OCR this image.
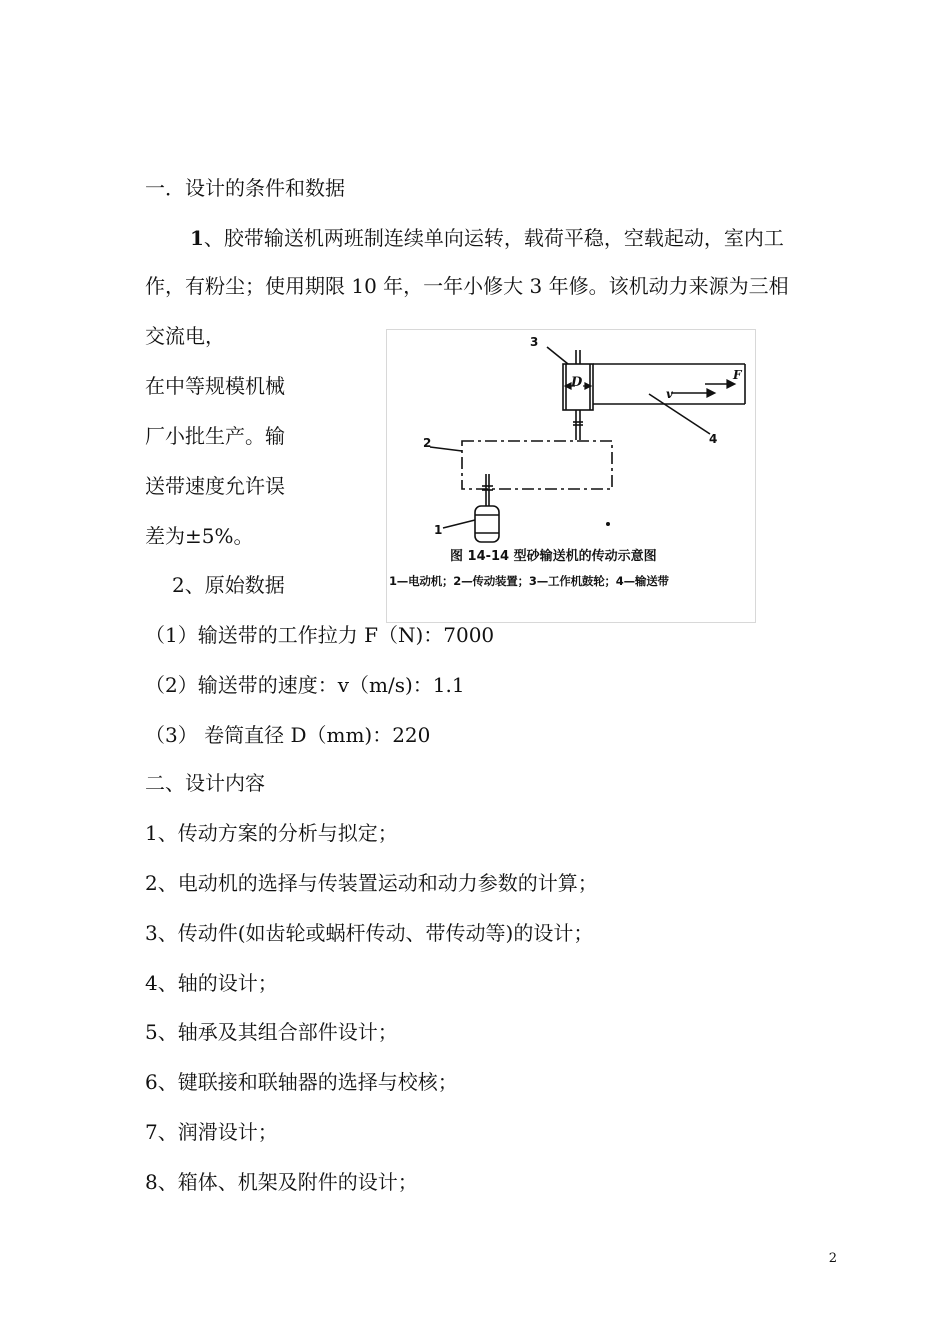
一．设计的条件和数据
1、胶带输送机两班制连续单向运转，载荷平稳，空载起动，室内工
作，有粉尘；使用期限 10 年，一年小修大 3 年修。该机动力来源为三相
交流电，
在中等规模机械
厂小批生产。输
送带速度允许误
差为±5%。
2、原始数据
（1）输送带的工作拉力 F（N)：7000
（2）输送带的速度：v（m/s)：1.1
（3） 卷筒直径 D（mm)：220
二、设计内容
1、传动方案的分析与拟定；
2、电动机的选择与传装置运动和动力参数的计算；
3、传动件(如齿轮或蜗杆传动、带传动等)的设计；
4、轴的设计；
5、轴承及其组合部件设计；
6、键联接和联轴器的选择与校核；
7、润滑设计；
8、箱体、机架及附件的设计；
3
2
1
4
D
v
F
图 14-14 型砂输送机的传动示意图
1—电动机；2—传动装置；3—工作机鼓轮；4—输送带
2
